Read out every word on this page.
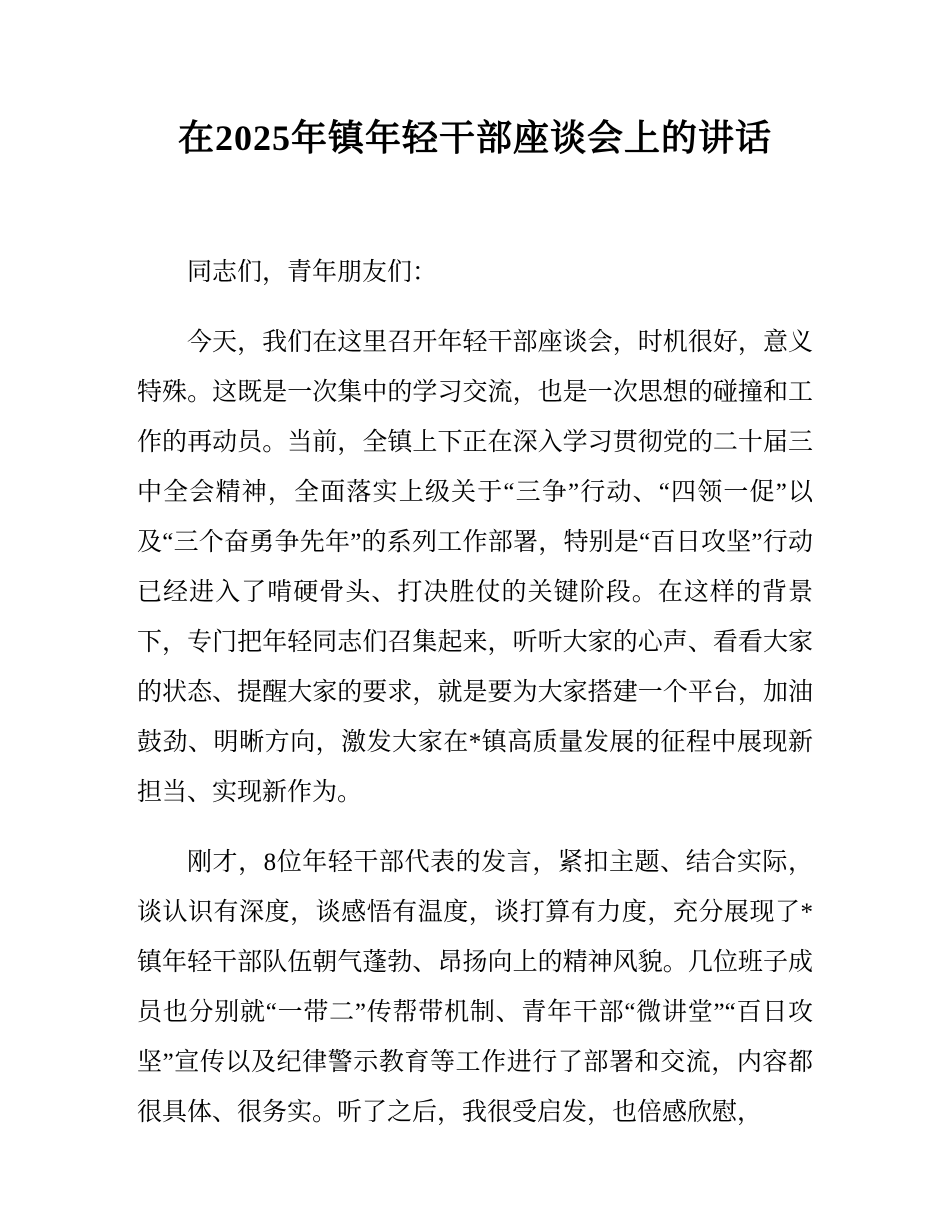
在2025年镇年轻干部座谈会上的讲话

同志们，青年朋友们：

今天，我们在这里召开年轻干部座谈会，时机很好，意义特殊。这既是一次集中的学习交流，也是一次思想的碰撞和工作的再动员。当前，全镇上下正在深入学习贯彻党的二十届三中全会精神，全面落实上级关于“三争”行动、“四领一促”以及“三个奋勇争先年”的系列工作部署，特别是“百日攻坚”行动已经进入了啃硬骨头、打决胜仗的关键阶段。在这样的背景下，专门把年轻同志们召集起来，听听大家的心声、看看大家的状态、提醒大家的要求，就是要为大家搭建一个平台，加油鼓劲、明晰方向，激发大家在*镇高质量发展的征程中展现新担当、实现新作为。

刚才，8位年轻干部代表的发言，紧扣主题、结合实际，谈认识有深度，谈感悟有温度，谈打算有力度，充分展现了*镇年轻干部队伍朝气蓬勃、昂扬向上的精神风貌。几位班子成员也分别就“一带二”传帮带机制、青年干部“微讲堂”“百日攻坚”宣传以及纪律警示教育等工作进行了部署和交流，内容都很具体、很务实。听了之后，我很受启发，也倍感欣慰，
